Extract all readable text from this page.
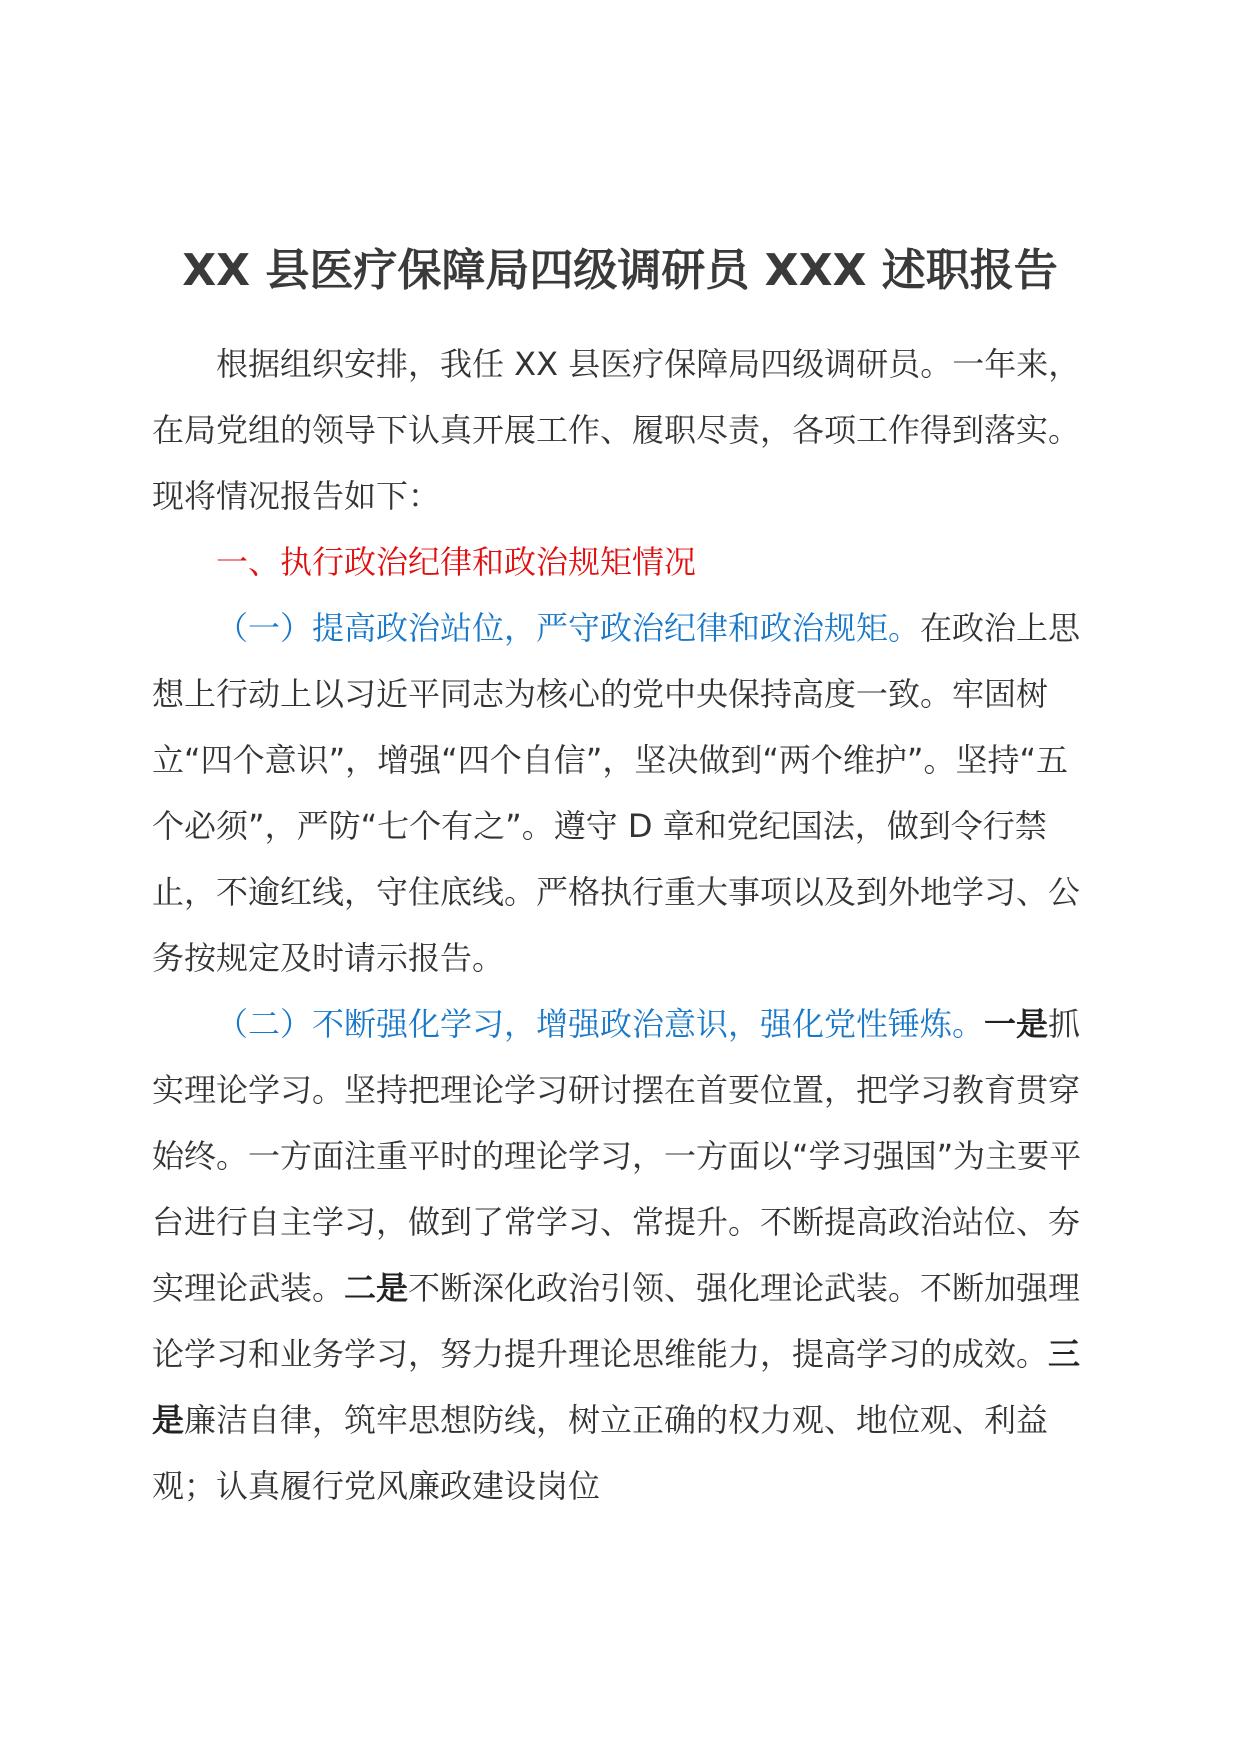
XX 县医疗保障局四级调研员 XXX 述职报告

根据组织安排，我任 XX 县医疗保障局四级调研员。一年来，在局党组的领导下认真开展工作、履职尽责，各项工作得到落实。现将情况报告如下：

一、执行政治纪律和政治规矩情况

（一）提高政治站位，严守政治纪律和政治规矩。在政治上思想上行动上以习近平同志为核心的党中央保持高度一致。牢固树立“四个意识”，增强“四个自信”，坚决做到“两个维护”。坚持“五个必须”，严防“七个有之”。遵守 D 章和党纪国法，做到令行禁止，不逾红线，守住底线。严格执行重大事项以及到外地学习、公务按规定及时请示报告。

（二）不断强化学习，增强政治意识，强化党性锤炼。一是抓实理论学习。坚持把理论学习研讨摆在首要位置，把学习教育贯穿始终。一方面注重平时的理论学习，一方面以“学习强国”为主要平台进行自主学习，做到了常学习、常提升。不断提高政治站位、夯实理论武装。二是不断深化政治引领、强化理论武装。不断加强理论学习和业务学习，努力提升理论思维能力，提高学习的成效。三是廉洁自律，筑牢思想防线，树立正确的权力观、地位观、利益观；认真履行党风廉政建设岗位
